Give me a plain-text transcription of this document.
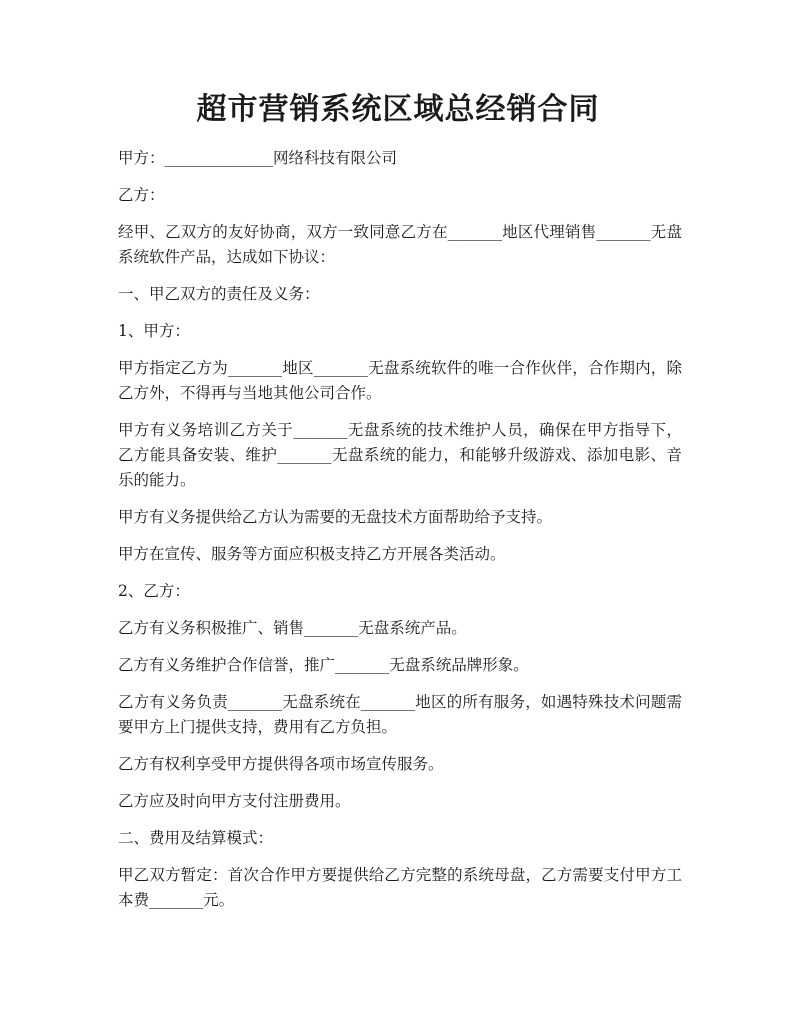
超市营销系统区域总经销合同

甲方：______________网络科技有限公司

乙方：

经甲、乙双方的友好协商，双方一致同意乙方在_______地区代理销售_______无盘系统软件产品，达成如下协议：

一、甲乙双方的责任及义务：

1、甲方：

甲方指定乙方为_______地区_______无盘系统软件的唯一合作伙伴，合作期内，除乙方外，不得再与当地其他公司合作。

甲方有义务培训乙方关于_______无盘系统的技术维护人员，确保在甲方指导下，乙方能具备安装、维护_______无盘系统的能力，和能够升级游戏、添加电影、音乐的能力。

甲方有义务提供给乙方认为需要的无盘技术方面帮助给予支持。

甲方在宣传、服务等方面应积极支持乙方开展各类活动。

2、乙方：

乙方有义务积极推广、销售_______无盘系统产品。

乙方有义务维护合作信誉，推广_______无盘系统品牌形象。

乙方有义务负责_______无盘系统在_______地区的所有服务，如遇特殊技术问题需要甲方上门提供支持，费用有乙方负担。

乙方有权利享受甲方提供得各项市场宣传服务。

乙方应及时向甲方支付注册费用。

二、费用及结算模式：

甲乙双方暂定：首次合作甲方要提供给乙方完整的系统母盘，乙方需要支付甲方工本费_______元。
